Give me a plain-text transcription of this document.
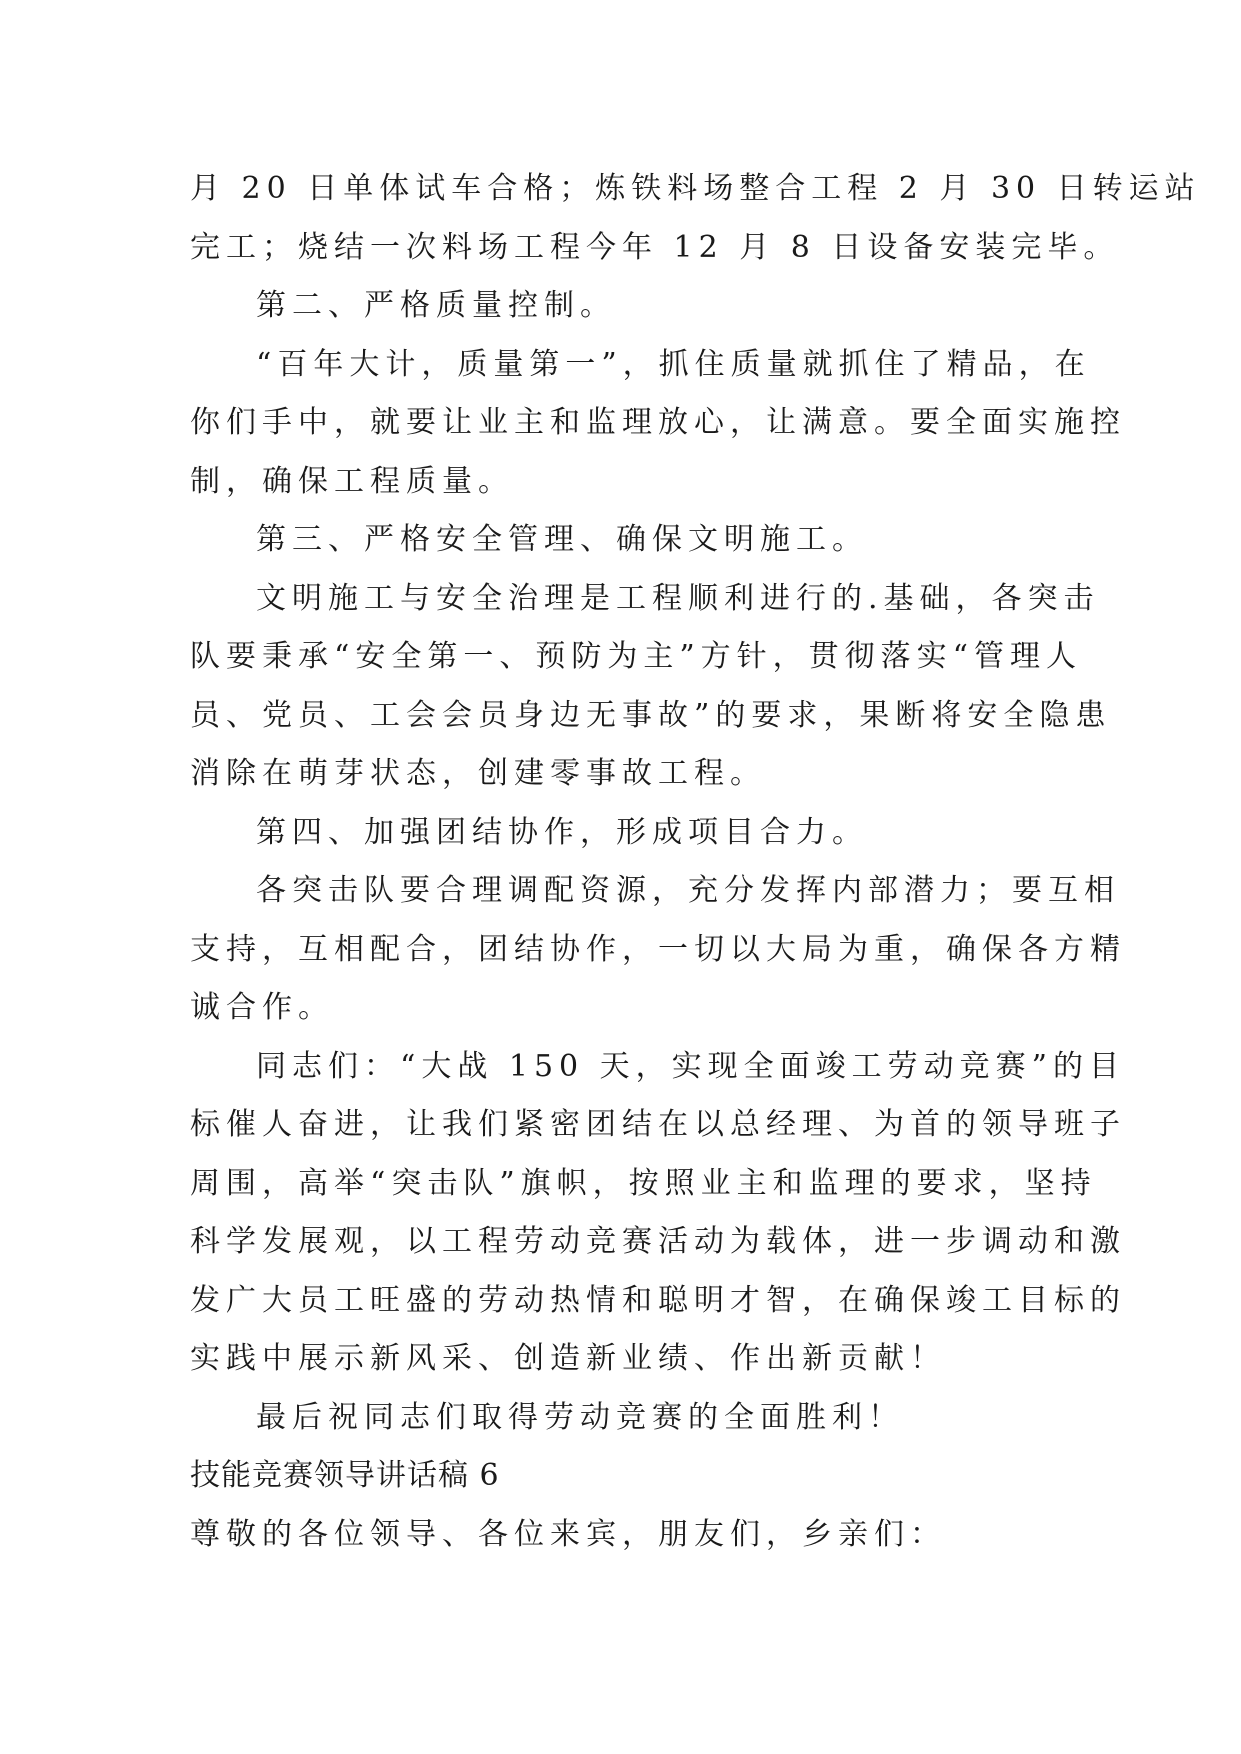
月 20 日单体试车合格；炼铁料场整合工程 2 月 30 日转运站
完工；烧结一次料场工程今年 12 月 8 日设备安装完毕。
第二、严格质量控制。
“百年大计，质量第一”，抓住质量就抓住了精品，在
你们手中，就要让业主和监理放心，让满意。要全面实施控
制，确保工程质量。
第三、严格安全管理、确保文明施工。
文明施工与安全治理是工程顺利进行的.基础，各突击
队要秉承“安全第一、预防为主”方针，贯彻落实“管理人
员、党员、工会会员身边无事故”的要求，果断将安全隐患
消除在萌芽状态，创建零事故工程。
第四、加强团结协作，形成项目合力。
各突击队要合理调配资源，充分发挥内部潜力；要互相
支持，互相配合，团结协作，一切以大局为重，确保各方精
诚合作。
同志们：“大战 150 天，实现全面竣工劳动竞赛”的目
标催人奋进，让我们紧密团结在以总经理、为首的领导班子
周围，高举“突击队”旗帜，按照业主和监理的要求，坚持
科学发展观，以工程劳动竞赛活动为载体，进一步调动和激
发广大员工旺盛的劳动热情和聪明才智，在确保竣工目标的
实践中展示新风采、创造新业绩、作出新贡献！
最后祝同志们取得劳动竞赛的全面胜利！
技能竞赛领导讲话稿 6
尊敬的各位领导、各位来宾，朋友们，乡亲们：
